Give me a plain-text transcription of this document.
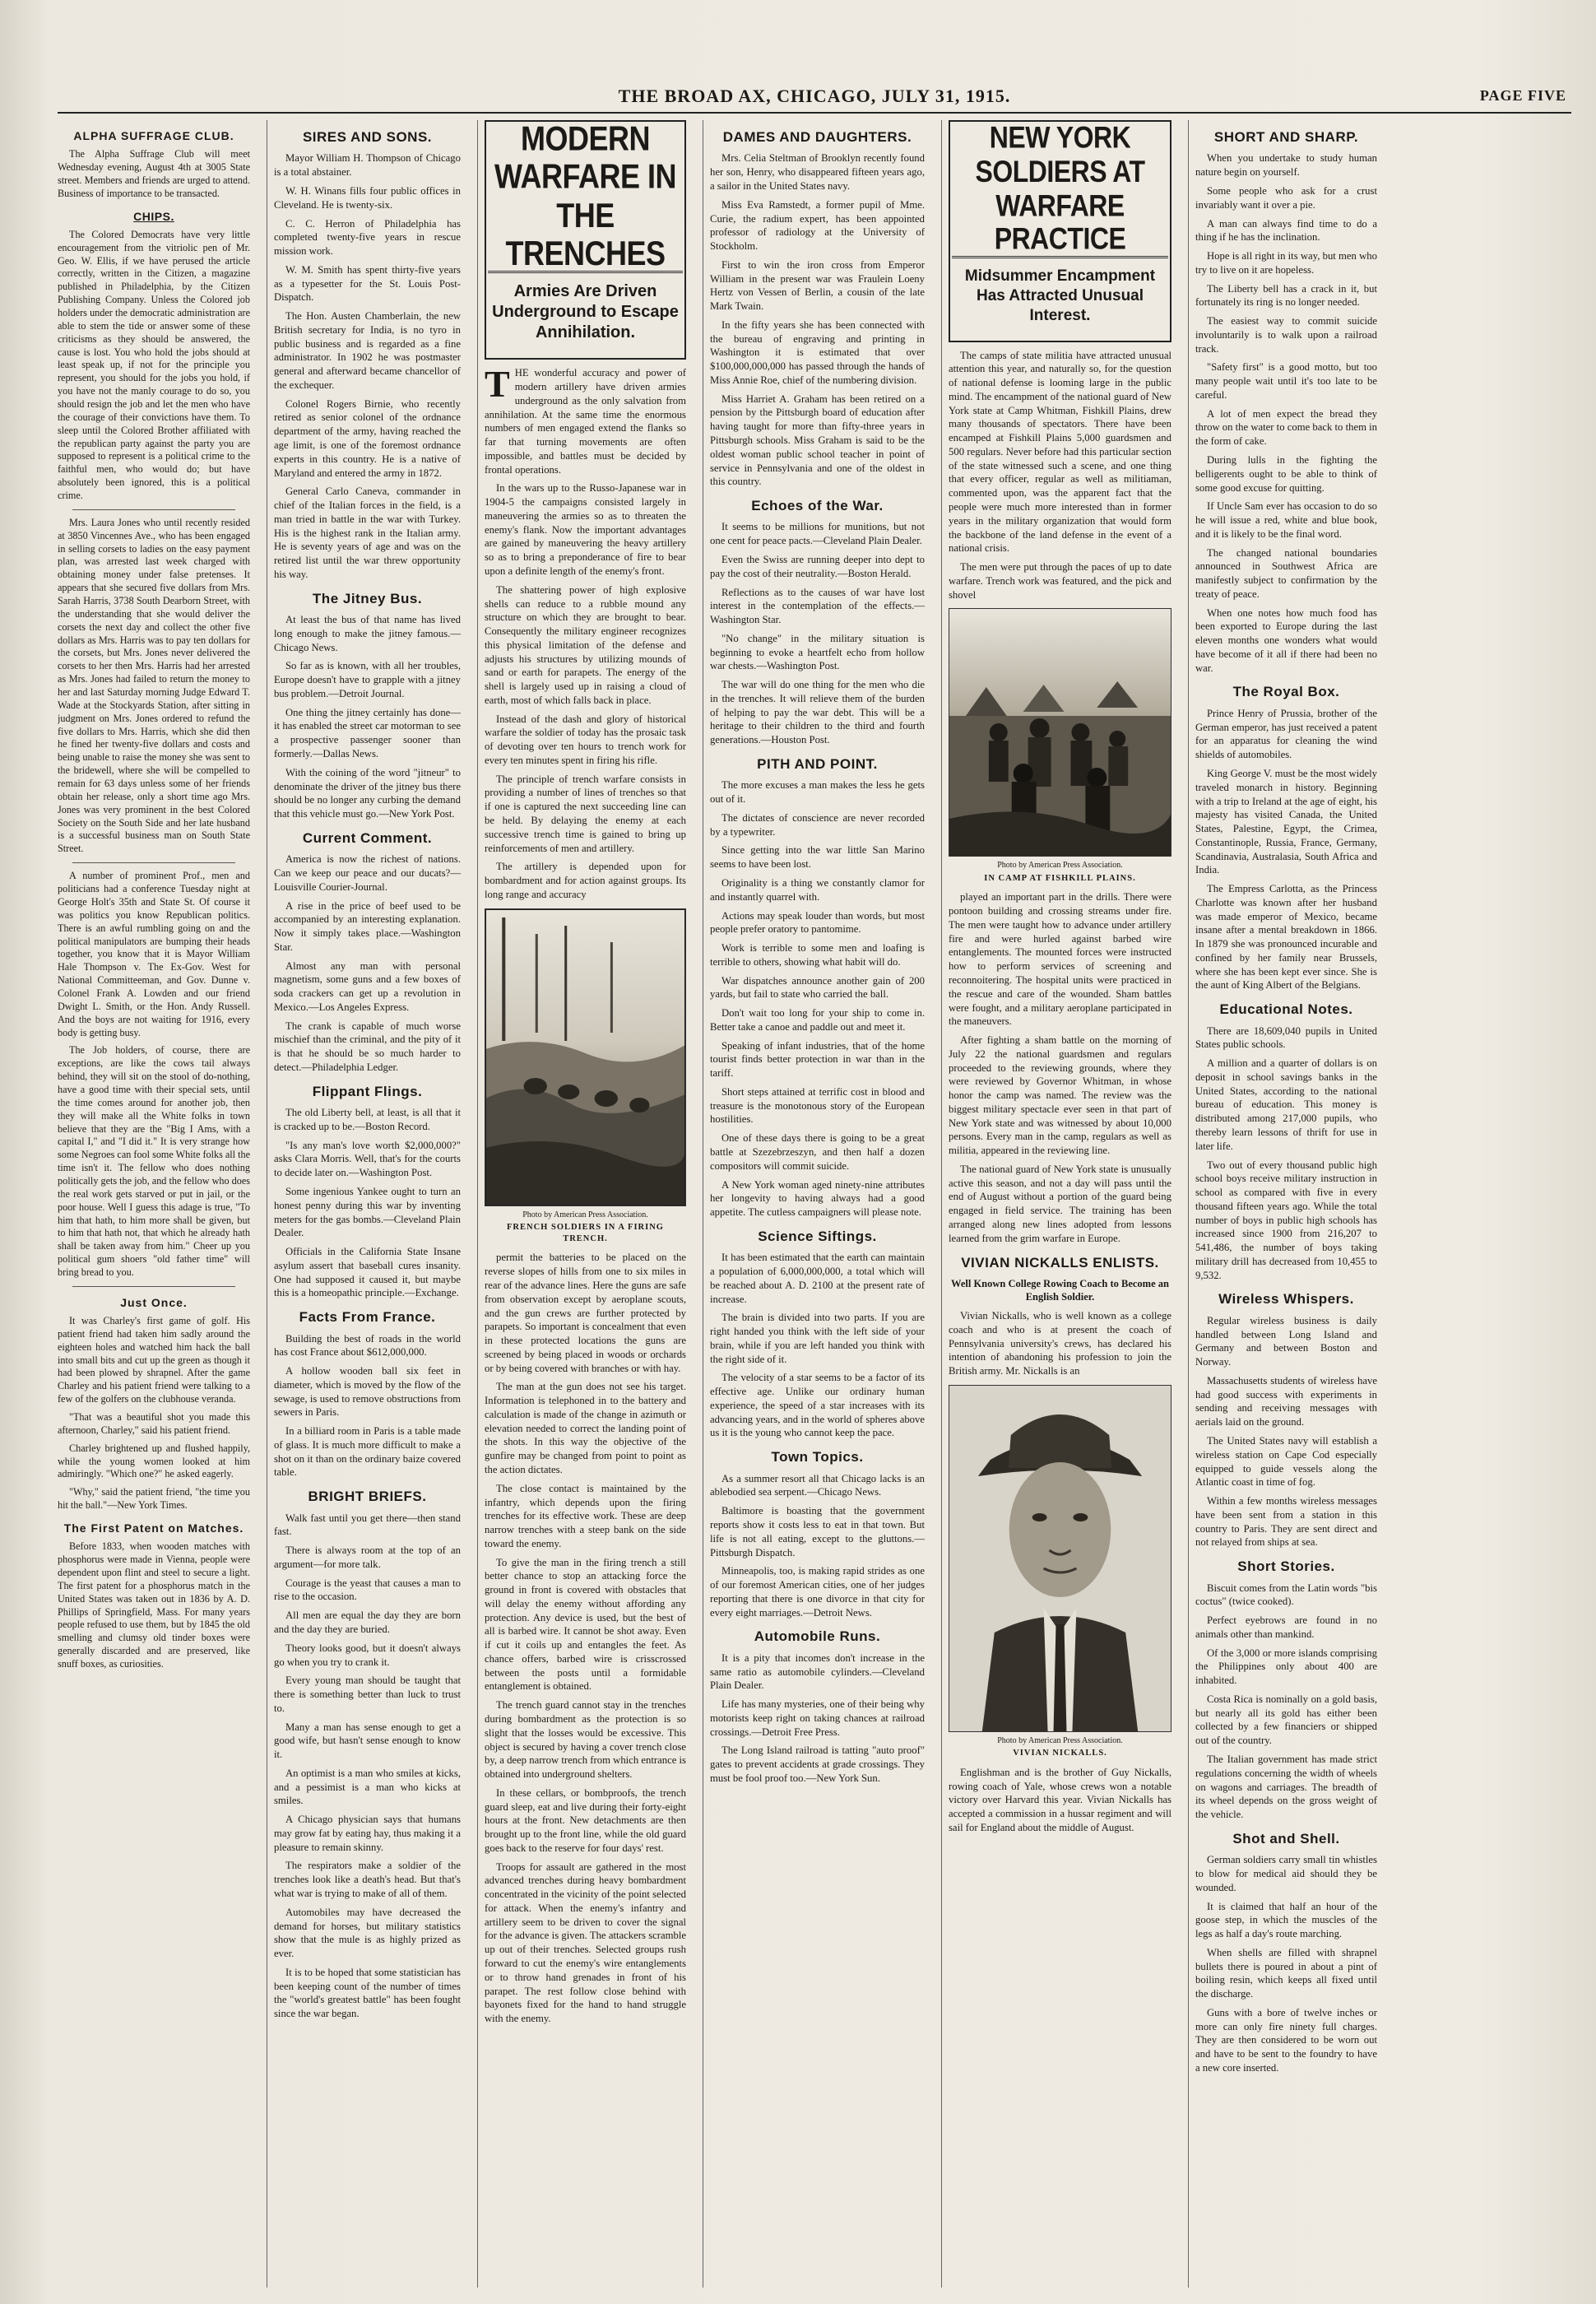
THE BROAD AX, CHICAGO, JULY 31, 1915.	PAGE FIVE
ALPHA SUFFRAGE CLUB.

The Alpha Suffrage Club will meet Wednesday evening, August 4th at 3005 State street. Members and friends are urged to attend. Business of importance to be transacted.

CHIPS.

The Colored Democrats have very little encouragement from the vitriolic pen of Mr. Geo. W. Ellis, if we have perused the article correctly, written in the Citizen, a magazine published in Philadelphia, by the Citizen Publishing Company. Unless the Colored job holders under the democratic administration are able to stem the tide or answer some of these criticisms as they should be answered, the cause is lost. You who hold the jobs should at least speak up, if not for the principle you represent, you should for the jobs you hold, if you have not the manly courage to do so, you should resign the job and let the men who have the courage of their convictions have them. To sleep until the Colored Brother affiliated with the republican party against the party you are supposed to represent is a political crime to the faithful men, who would do; but have absolutely been ignored, this is a political crime.

Mrs. Laura Jones who until recently resided at 3850 Vincennes Ave., who has been engaged in selling corsets to ladies on the easy payment plan, was arrested last week charged with obtaining money under false pretenses. It appears that she secured five dollars from Mrs. Sarah Harris, 3738 South Dearborn Street, with the understanding that she would deliver the corsets the next day and collect the other five dollars as Mrs. Harris was to pay ten dollars for the corsets, but Mrs. Jones never delivered the corsets to her then Mrs. Harris had her arrested as Mrs. Jones had failed to return the money to her and last Saturday morning Judge Edward T. Wade at the Stockyards Station, after sitting in judgment on Mrs. Jones ordered to refund the five dollars to Mrs. Harris, which she did then he fined her twenty-five dollars and costs and being unable to raise the money she was sent to the bridewell, where she will be compelled to remain for 63 days unless some of her friends obtain her release, only a short time ago Mrs. Jones was very prominent in the best Colored Society on the South Side and her late husband is a successful business man on South State Street.

A number of prominent Prof., men and politicians had a conference Tuesday night at George Holt's 35th and State St. Of course it was politics you know Republican politics. There is an awful rumbling going on and the political manipulators are bumping their heads together, you know that it is Mayor William Hale Thompson v. The Ex-Gov. West for National Committeeman, and Gov. Dunne v. Colonel Frank A. Lowden and our friend Dwight L. Smith, or the Hon. Andy Russell. And the boys are not waiting for 1916, every body is getting busy.

The Job holders, of course, there are exceptions, are like the cows tail always behind, they will sit on the stool of do-nothing, have a good time with their special sets, until the time comes around for another job, then they will make all the White folks in town believe that they are the "Big I Ams, with a capital I," and "I did it." It is very strange how some Negroes can fool some White folks all the time isn't it. The fellow who does nothing politically gets the job, and the fellow who does the real work gets starved or put in jail, or the poor house. Well I guess this adage is true, "To him that hath, to him more shall be given, but to him that hath not, that which he already hath shall be taken away from him." Cheer up you political gum shoers "old father time" will bring bread to you.

Just Once.

It was Charley's first game of golf. His patient friend had taken him sadly around the eighteen holes and watched him hack the ball into small bits and cut up the green as though it had been plowed by shrapnel. After the game Charley and his patient friend were talking to a few of the golfers on the clubhouse veranda.

"That was a beautiful shot you made this afternoon, Charley," said his patient friend.

Charley brightened up and flushed happily, while the young women looked at him admiringly. "Which one?" he asked eagerly.

"Why," said the patient friend, "the time you hit the ball."—New York Times.

The First Patent on Matches.

Before 1833, when wooden matches with phosphorus were made in Vienna, people were dependent upon flint and steel to secure a light. The first patent for a phosphorus match in the United States was taken out in 1836 by A. D. Phillips of Springfield, Mass. For many years people refused to use them, but by 1845 the old smelling and clumsy old tinder boxes were generally discarded and are preserved, like snuff boxes, as curiosities.

SIRES AND SONS.

Mayor William H. Thompson of Chicago is a total abstainer.

W. H. Winans fills four public offices in Cleveland. He is twenty-six.

C. C. Herron of Philadelphia has completed twenty-five years in rescue mission work.

W. M. Smith has spent thirty-five years as a typesetter for the St. Louis Post-Dispatch.

The Hon. Austen Chamberlain, the new British secretary for India, is no tyro in public business and is regarded as a fine administrator. In 1902 he was postmaster general and afterward became chancellor of the exchequer.

Colonel Rogers Birnie, who recently retired as senior colonel of the ordnance department of the army, having reached the age limit, is one of the foremost ordnance experts in this country. He is a native of Maryland and entered the army in 1872.

General Carlo Caneva, commander in chief of the Italian forces in the field, is a man tried in battle in the war with Turkey. His is the highest rank in the Italian army. He is seventy years of age and was on the retired list until the war threw opportunity his way.

The Jitney Bus.

At least the bus of that name has lived long enough to make the jitney famous.—Chicago News.

So far as is known, with all her troubles, Europe doesn't have to grapple with a jitney bus problem.—Detroit Journal.

One thing the jitney certainly has done—it has enabled the street car motorman to see a prospective passenger sooner than formerly.—Dallas News.

With the coining of the word "jitneur" to denominate the driver of the jitney bus there should be no longer any curbing the demand that this vehicle must go.—New York Post.

Current Comment.

America is now the richest of nations. Can we keep our peace and our ducats?—Louisville Courier-Journal.

A rise in the price of beef used to be accompanied by an interesting explanation. Now it simply takes place.—Washington Star.

Almost any man with personal magnetism, some guns and a few boxes of soda crackers can get up a revolution in Mexico.—Los Angeles Express.

The crank is capable of much worse mischief than the criminal, and the pity of it is that he should be so much harder to detect.—Philadelphia Ledger.

Flippant Flings.

The old Liberty bell, at least, is all that it is cracked up to be.—Boston Record.

"Is any man's love worth $2,000,000?" asks Clara Morris. Well, that's for the courts to decide later on.—Washington Post.

Some ingenious Yankee ought to turn an honest penny during this war by inventing meters for the gas bombs.—Cleveland Plain Dealer.

Officials in the California State Insane asylum assert that baseball cures insanity. One had supposed it caused it, but maybe this is a homeopathic principle.—Exchange.

Facts From France.

Building the best of roads in the world has cost France about $612,000,000.

A hollow wooden ball six feet in diameter, which is moved by the flow of the sewage, is used to remove obstructions from sewers in Paris.

In a billiard room in Paris is a table made of glass. It is much more difficult to make a shot on it than on the ordinary baize covered table.

BRIGHT BRIEFS.

Walk fast until you get there—then stand fast.

There is always room at the top of an argument—for more talk.

Courage is the yeast that causes a man to rise to the occasion.

All men are equal the day they are born and the day they are buried.

Theory looks good, but it doesn't always go when you try to crank it.

Every young man should be taught that there is something better than luck to trust to.

Many a man has sense enough to get a good wife, but hasn't sense enough to know it.

An optimist is a man who smiles at kicks, and a pessimist is a man who kicks at smiles.

A Chicago physician says that humans may grow fat by eating hay, thus making it a pleasure to remain skinny.

The respirators make a soldier of the trenches look like a death's head. But that's what war is trying to make of all of them.

Automobiles may have decreased the demand for horses, but military statistics show that the mule is as highly prized as ever.

It is to be hoped that some statistician has been keeping count of the number of times the "world's greatest battle" has been fought since the war began.

MODERN WARFARE IN THE TRENCHES
Armies Are Driven Underground to Escape Annihilation.

THE wonderful accuracy and power of modern artillery have driven armies underground as the only salvation from annihilation. At the same time the enormous numbers of men engaged extend the flanks so far that turning movements are often impossible, and battles must be decided by frontal operations.

In the wars up to the Russo-Japanese war in 1904-5 the campaigns consisted largely in maneuvering the armies so as to threaten the enemy's flank. Now the important advantages are gained by maneuvering the heavy artillery so as to bring a preponderance of fire to bear upon a definite length of the enemy's front.

The shattering power of high explosive shells can reduce to a rubble mound any structure on which they are brought to bear. Consequently the military engineer recognizes this physical limitation of the defense and adjusts his structures by utilizing mounds of sand or earth for parapets. The energy of the shell is largely used up in raising a cloud of earth, most of which falls back in place.

Instead of the dash and glory of historical warfare the soldier of today has the prosaic task of devoting over ten hours to trench work for every ten minutes spent in firing his rifle.

The principle of trench warfare consists in providing a number of lines of trenches so that if one is captured the next succeeding line can be held. By delaying the enemy at each successive trench time is gained to bring up reinforcements of men and artillery.

The artillery is depended upon for bombardment and for action against groups. Its long range and accuracy

Photo by American Press Association.

FRENCH SOLDIERS IN A FIRING TRENCH.

permit the batteries to be placed on the reverse slopes of hills from one to six miles in rear of the advance lines. Here the guns are safe from observation except by aeroplane scouts, and the gun crews are further protected by parapets. So important is concealment that even in these protected locations the guns are screened by being placed in woods or orchards or by being covered with branches or with hay.

The man at the gun does not see his target. Information is telephoned in to the battery and calculation is made of the change in azimuth or elevation needed to correct the landing point of the shots. In this way the objective of the gunfire may be changed from point to point as the action dictates.

The close contact is maintained by the infantry, which depends upon the firing trenches for its effective work. These are deep narrow trenches with a steep bank on the side toward the enemy.

To give the man in the firing trench a still better chance to stop an attacking force the ground in front is covered with obstacles that will delay the enemy without affording any protection. Any device is used, but the best of all is barbed wire. It cannot be shot away. Even if cut it coils up and entangles the feet. As chance offers, barbed wire is crisscrossed between the posts until a formidable entanglement is obtained.

The trench guard cannot stay in the trenches during bombardment as the protection is so slight that the losses would be excessive. This object is secured by having a cover trench close by, a deep narrow trench from which entrance is obtained into underground shelters.

In these cellars, or bombproofs, the trench guard sleep, eat and live during their forty-eight hours at the front. New detachments are then brought up to the front line, while the old guard goes back to the reserve for four days' rest.

Troops for assault are gathered in the most advanced trenches during heavy bombardment concentrated in the vicinity of the point selected for attack. When the enemy's infantry and artillery seem to be driven to cover the signal for the advance is given. The attackers scramble up out of their trenches. Selected groups rush forward to cut the enemy's wire entanglements or to throw hand grenades in front of his parapet. The rest follow close behind with bayonets fixed for the hand to hand struggle with the enemy.

DAMES AND DAUGHTERS.

Mrs. Celia Steltman of Brooklyn recently found her son, Henry, who disappeared fifteen years ago, a sailor in the United States navy.

Miss Eva Ramstedt, a former pupil of Mme. Curie, the radium expert, has been appointed professor of radiology at the University of Stockholm.

First to win the iron cross from Emperor William in the present war was Fraulein Loeny Hertz von Vessen of Berlin, a cousin of the late Mark Twain.

In the fifty years she has been connected with the bureau of engraving and printing in Washington it is estimated that over $100,000,000,000 has passed through the hands of Miss Annie Roe, chief of the numbering division.

Miss Harriet A. Graham has been retired on a pension by the Pittsburgh board of education after having taught for more than fifty-three years in Pittsburgh schools. Miss Graham is said to be the oldest woman public school teacher in point of service in Pennsylvania and one of the oldest in this country.

Echoes of the War.

It seems to be millions for munitions, but not one cent for peace pacts.—Cleveland Plain Dealer.

Even the Swiss are running deeper into dept to pay the cost of their neutrality.—Boston Herald.

Reflections as to the causes of war have lost interest in the contemplation of the effects.—Washington Star.

"No change" in the military situation is beginning to evoke a heartfelt echo from hollow war chests.—Washington Post.

The war will do one thing for the men who die in the trenches. It will relieve them of the burden of helping to pay the war debt. This will be a heritage to their children to the third and fourth generations.—Houston Post.

PITH AND POINT.

The more excuses a man makes the less he gets out of it.

The dictates of conscience are never recorded by a typewriter.

Since getting into the war little San Marino seems to have been lost.

Originality is a thing we constantly clamor for and instantly quarrel with.

Actions may speak louder than words, but most people prefer oratory to pantomime.

Work is terrible to some men and loafing is terrible to others, showing what habit will do.

War dispatches announce another gain of 200 yards, but fail to state who carried the ball.

Don't wait too long for your ship to come in. Better take a canoe and paddle out and meet it.

Speaking of infant industries, that of the home tourist finds better protection in war than in the tariff.

Short steps attained at terrific cost in blood and treasure is the monotonous story of the European hostilities.

One of these days there is going to be a great battle at Szezebrzeszyn, and then half a dozen compositors will commit suicide.

A New York woman aged ninety-nine attributes her longevity to having always had a good appetite. The cutless campaigners will please note.

Science Siftings.

It has been estimated that the earth can maintain a population of 6,000,000,000, a total which will be reached about A. D. 2100 at the present rate of increase.

The brain is divided into two parts. If you are right handed you think with the left side of your brain, while if you are left handed you think with the right side of it.

The velocity of a star seems to be a factor of its effective age. Unlike our ordinary human experience, the speed of a star increases with its advancing years, and in the world of spheres above us it is the young who cannot keep the pace.

Town Topics.

As a summer resort all that Chicago lacks is an ablebodied sea serpent.—Chicago News.

Baltimore is boasting that the government reports show it costs less to eat in that town. But life is not all eating, except to the gluttons.—Pittsburgh Dispatch.

Minneapolis, too, is making rapid strides as one of our foremost American cities, one of her judges reporting that there is one divorce in that city for every eight marriages.—Detroit News.

Automobile Runs.

It is a pity that incomes don't increase in the same ratio as automobile cylinders.—Cleveland Plain Dealer.

Life has many mysteries, one of their being why motorists keep right on taking chances at railroad crossings.—Detroit Free Press.

The Long Island railroad is tatting "auto proof" gates to prevent accidents at grade crossings. They must be fool proof too.—New York Sun.

NEW YORK SOLDIERS AT WARFARE PRACTICE
Midsummer Encampment Has Attracted Unusual Interest.

The camps of state militia have attracted unusual attention this year, and naturally so, for the question of national defense is looming large in the public mind. The encampment of the national guard of New York state at Camp Whitman, Fishkill Plains, drew many thousands of spectators. There have been encamped at Fishkill Plains 5,000 guardsmen and 500 regulars. Never before had this particular section of the state witnessed such a scene, and one thing that every officer, regular as well as militiaman, commented upon, was the apparent fact that the people were much more interested than in former years in the military organization that would form the backbone of the land defense in the event of a national crisis.

The men were put through the paces of up to date warfare. Trench work was featured, and the pick and shovel

Photo by American Press Association.

IN CAMP AT FISHKILL PLAINS.

played an important part in the drills. There were pontoon building and crossing streams under fire. The men were taught how to advance under artillery fire and were hurled against barbed wire entanglements. The mounted forces were instructed how to perform services of screening and reconnoitering. The hospital units were practiced in the rescue and care of the wounded. Sham battles were fought, and a military aeroplane participated in the maneuvers.

After fighting a sham battle on the morning of July 22 the national guardsmen and regulars proceeded to the reviewing grounds, where they were reviewed by Governor Whitman, in whose honor the camp was named. The review was the biggest military spectacle ever seen in that part of New York state and was witnessed by about 10,000 persons. Every man in the camp, regulars as well as militia, appeared in the reviewing line.

The national guard of New York state is unusually active this season, and not a day will pass until the end of August without a portion of the guard being engaged in field service. The training has been arranged along new lines adopted from lessons learned from the grim warfare in Europe.

VIVIAN NICKALLS ENLISTS.

Well Known College Rowing Coach to Become an English Soldier.

Vivian Nickalls, who is well known as a college coach and who is at present the coach of Pennsylvania university's crews, has declared his intention of abandoning his profession to join the British army. Mr. Nickalls is an

Photo by American Press Association.

VIVIAN NICKALLS.

Englishman and is the brother of Guy Nickalls, rowing coach of Yale, whose crews won a notable victory over Harvard this year. Vivian Nickalls has accepted a commission in a hussar regiment and will sail for England about the middle of August.

SHORT AND SHARP.

When you undertake to study human nature begin on yourself.

Some people who ask for a crust invariably want it over a pie.

A man can always find time to do a thing if he has the inclination.

Hope is all right in its way, but men who try to live on it are hopeless.

The Liberty bell has a crack in it, but fortunately its ring is no longer needed.

The easiest way to commit suicide involuntarily is to walk upon a railroad track.

"Safety first" is a good motto, but too many people wait until it's too late to be careful.

A lot of men expect the bread they throw on the water to come back to them in the form of cake.

During lulls in the fighting the belligerents ought to be able to think of some good excuse for quitting.

If Uncle Sam ever has occasion to do so he will issue a red, white and blue book, and it is likely to be the final word.

The changed national boundaries announced in Southwest Africa are manifestly subject to confirmation by the treaty of peace.

When one notes how much food has been exported to Europe during the last eleven months one wonders what would have become of it all if there had been no war.

The Royal Box.

Prince Henry of Prussia, brother of the German emperor, has just received a patent for an apparatus for cleaning the wind shields of automobiles.

King George V. must be the most widely traveled monarch in history. Beginning with a trip to Ireland at the age of eight, his majesty has visited Canada, the United States, Palestine, Egypt, the Crimea, Constantinople, Russia, France, Germany, Scandinavia, Australasia, South Africa and India.

The Empress Carlotta, as the Princess Charlotte was known after her husband was made emperor of Mexico, became insane after a mental breakdown in 1866. In 1879 she was pronounced incurable and confined by her family near Brussels, where she has been kept ever since. She is the aunt of King Albert of the Belgians.

Educational Notes.

There are 18,609,040 pupils in United States public schools.

A million and a quarter of dollars is on deposit in school savings banks in the United States, according to the national bureau of education. This money is distributed among 217,000 pupils, who thereby learn lessons of thrift for use in later life.

Two out of every thousand public high school boys receive military instruction in school as compared with five in every thousand fifteen years ago. While the total number of boys in public high schools has increased since 1900 from 216,207 to 541,486, the number of boys taking military drill has decreased from 10,455 to 9,532.

Wireless Whispers.

Regular wireless business is daily handled between Long Island and Germany and between Boston and Norway.

Massachusetts students of wireless have had good success with experiments in sending and receiving messages with aerials laid on the ground.

The United States navy will establish a wireless station on Cape Cod especially equipped to guide vessels along the Atlantic coast in time of fog.

Within a few months wireless messages have been sent from a station in this country to Paris. They are sent direct and not relayed from ships at sea.

Short Stories.

Biscuit comes from the Latin words "bis coctus" (twice cooked).

Perfect eyebrows are found in no animals other than mankind.

Of the 3,000 or more islands comprising the Philippines only about 400 are inhabited.

Costa Rica is nominally on a gold basis, but nearly all its gold has either been collected by a few financiers or shipped out of the country.

The Italian government has made strict regulations concerning the width of wheels on wagons and carriages. The breadth of its wheel depends on the gross weight of the vehicle.

Shot and Shell.

German soldiers carry small tin whistles to blow for medical aid should they be wounded.

It is claimed that half an hour of the goose step, in which the muscles of the legs as half a day's route marching.

When shells are filled with shrapnel bullets there is poured in about a pint of boiling resin, which keeps all fixed until the discharge.

Guns with a bore of twelve inches or more can only fire ninety full charges. They are then considered to be worn out and have to be sent to the foundry to have a new core inserted.
